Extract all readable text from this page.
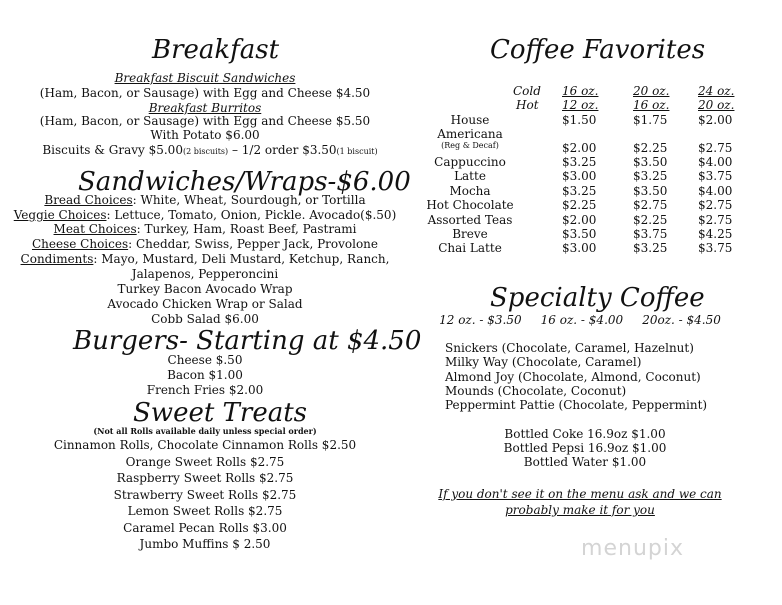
Breakfast
Breakfast Biscuit Sandwiches
(Ham, Bacon, or Sausage) with Egg and Cheese $4.50
Breakfast Burritos
(Ham, Bacon, or Sausage) with Egg and Cheese $5.50
With Potato $6.00
Biscuits & Gravy $5.00(2 biscuits) – 1/2 order $3.50(1 biscuit)
Sandwiches/Wraps-$6.00
Bread Choices: White, Wheat, Sourdough, or Tortilla
Veggie Choices: Lettuce, Tomato, Onion, Pickle. Avocado($.50)
Meat Choices: Turkey, Ham, Roast Beef, Pastrami
Cheese Choices: Cheddar, Swiss, Pepper Jack, Provolone
Condiments: Mayo, Mustard, Deli Mustard, Ketchup, Ranch,
Jalapenos, Pepperoncini
Turkey Bacon Avocado Wrap
Avocado Chicken Wrap or Salad
Cobb Salad $6.00
Burgers- Starting at $4.50
Cheese $.50
Bacon $1.00
French Fries $2.00
Sweet Treats
(Not all Rolls available daily unless special order)
Cinnamon Rolls, Chocolate Cinnamon Rolls $2.50
Orange Sweet Rolls $2.75
Raspberry Sweet Rolls $2.75
Strawberry Sweet Rolls $2.75
Lemon Sweet Rolls $2.75
Caramel Pecan Rolls $3.00
Jumbo Muffins $ 2.50
Coffee Favorites
Cold
Hot
16 oz.	20 oz. 24 oz.
12 oz.	16 oz. 20 oz.
House	$1.50	$1.75	$2.00
Americana
(Reg & Decaf)	$2.00	$2.25	$2.75
Cappuccino	$3.25	$3.50	$4.00
Latte	$3.00	$3.25	$3.75
Mocha	$3.25	$3.50	$4.00
Hot Chocolate	$2.25	$2.75	$2.75
Assorted Teas	$2.00	$2.25	$2.75
Breve	$3.50	$3.75	$4.25
Chai Latte	$3.00	$3.25	$3.75
Specialty Coffee
12 oz. - $3.50     16 oz. - $4.00     20oz. - $4.50
Snickers (Chocolate, Caramel, Hazelnut)
Milky Way (Chocolate, Caramel)
Almond Joy (Chocolate, Almond, Coconut)
Mounds (Chocolate, Coconut)
Peppermint Pattie (Chocolate, Peppermint)
Bottled Coke 16.9oz $1.00
Bottled Pepsi 16.9oz $1.00
Bottled Water $1.00
If you don't see it on the menu ask and we can
probably make it for you
menupix
